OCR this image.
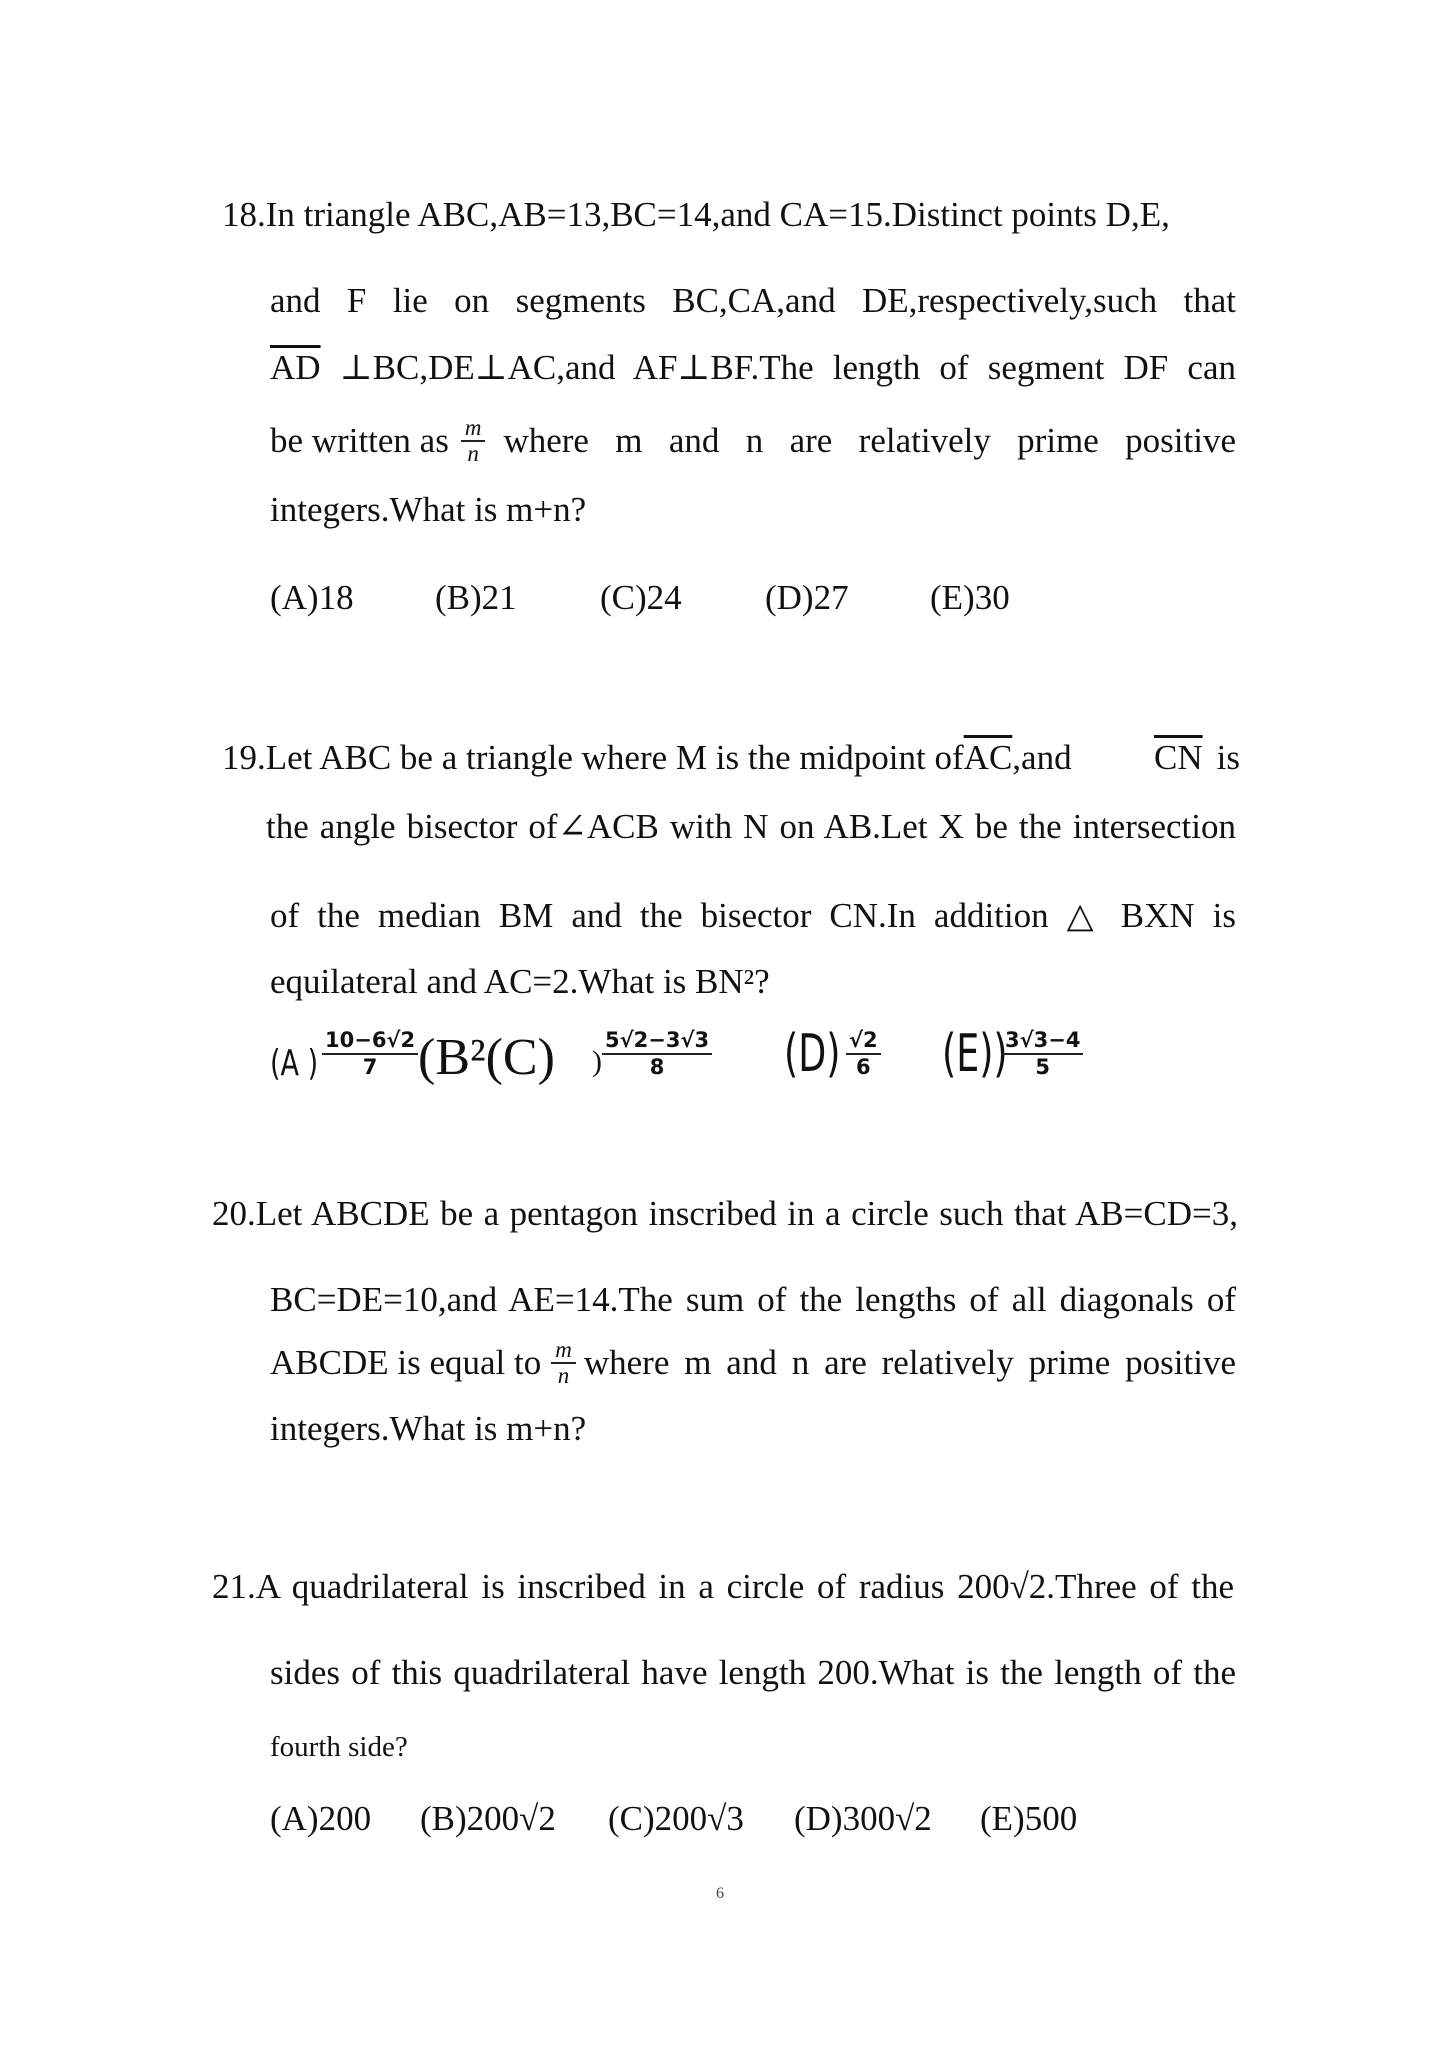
18.In triangle ABC,AB=13,BC=14,and CA=15.Distinct points D,E,
and F lie on segments BC,CA,and DE,respectively,such that
$\overline{AD}$ ⊥BC,DE⊥AC,and AF⊥BF.The length of segment DF can
be written as $\frac{m}{n}$ where m and n are relatively prime positive
integers.What is m+n?
(A)18 (B)21 (C)24 (D)27 (E)30
19.Let ABC be a triangle where M is the midpoint of $\overline{AC}$ ,and $\overline{CN}$ is
the angle bisector of∠ACB with N on AB.Let X be the intersection
of the median BM and the bisector CN.In addition △ BXN is
equilateral and AC=2.What is BN²?
(A ) $\frac{10-6√2}{7} (B^2(C)$ ) $\frac{5√2-3√3}{8} (D) \frac{√2}{6} (E)$)
$\frac{3√3-4}{5}$
20.Let ABCDE be a pentagon inscribed in a circle such that AB=CD=3,
BC=DE=10,and AE=14.The sum of the lengths of all diagonals of
ABCDE is equal to $\frac{m}{n}$ where m and n are relatively prime positive
integers.What is m+n?
21.A quadrilateral is inscribed in a circle of radius 200√2.Three of the
sides of this quadrilateral have length 200.What is the length of the
fourth side?
(A)200 (B)200√2 (C)200√3 (D)300√2 (E)500
6
